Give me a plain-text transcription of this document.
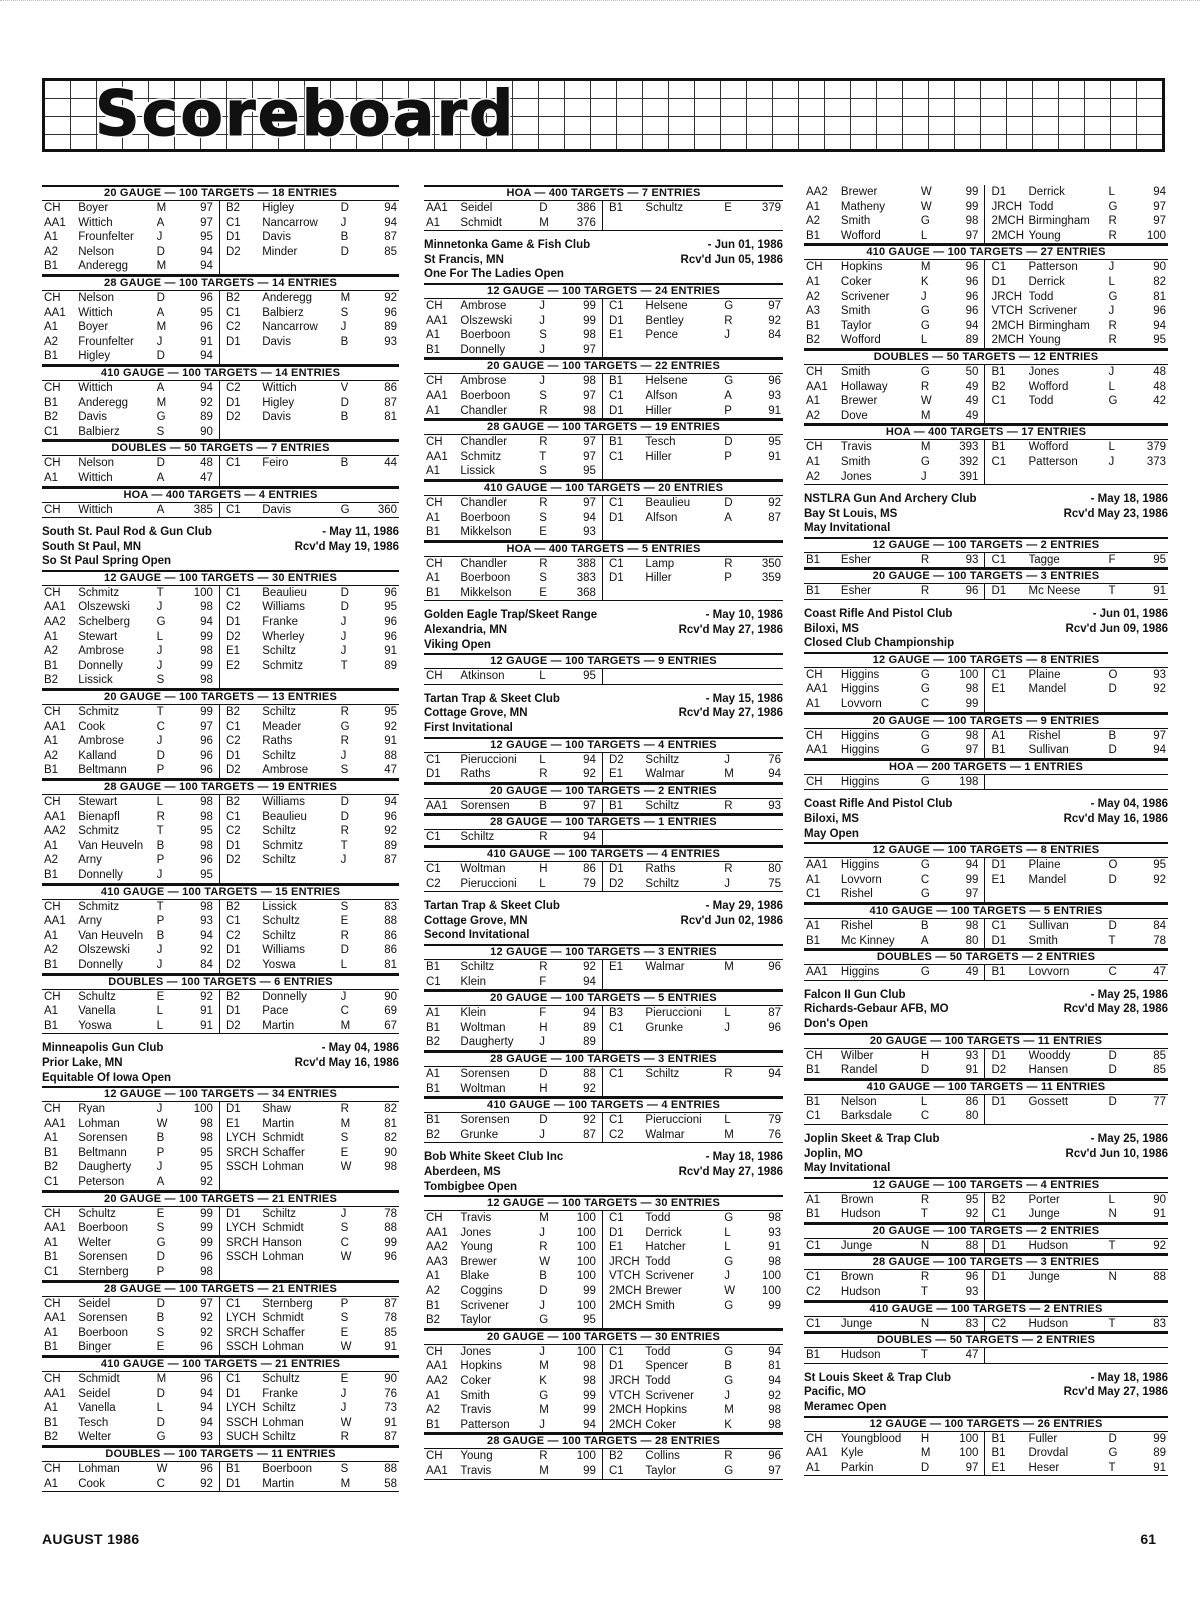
Scoreboard
20 GAUGE — 100 TARGETS — 18 ENTRIES
CH	Boyer	M	97	B2	Higley	D	94
AA1	Wittich	A	97	C1	Nancarrow	J	94
A1	Frounfelter	J	95	D1	Davis	B	87
A2	Nelson	D	94	D2	Minder	D	85
B1	Anderegg	M	94				
28 GAUGE — 100 TARGETS — 14 ENTRIES
CH	Nelson	D	96	B2	Anderegg	M	92
AA1	Wittich	A	95	C1	Balbierz	S	96
A1	Boyer	M	96	C2	Nancarrow	J	89
A2	Frounfelter	J	91	D1	Davis	B	93
B1	Higley	D	94				
410 GAUGE — 100 TARGETS — 14 ENTRIES
CH	Wittich	A	94	C2	Wittich	V	86
B1	Anderegg	M	92	D1	Higley	D	87
B2	Davis	G	89	D2	Davis	B	81
C1	Balbierz	S	90				
DOUBLES — 50 TARGETS — 7 ENTRIES
CH	Nelson	D	48	C1	Feiro	B	44
A1	Wittich	A	47				
HOA — 400 TARGETS — 4 ENTRIES
CH	Wittich	A	385	C1	Davis	G	360
South St. Paul Rod & Gun Club	- May 11, 1986
South St Paul, MN	Rcv'd May 19, 1986
So St Paul Spring Open
12 GAUGE — 100 TARGETS — 30 ENTRIES
CH	Schmitz	T	100	C1	Beaulieu	D	96
AA1	Olszewski	J	98	C2	Williams	D	95
AA2	Schelberg	G	94	D1	Franke	J	96
A1	Stewart	L	99	D2	Wherley	J	96
A2	Ambrose	J	98	E1	Schiltz	J	91
B1	Donnelly	J	99	E2	Schmitz	T	89
B2	Lissick	S	98				
20 GAUGE — 100 TARGETS — 13 ENTRIES
CH	Schmitz	T	99	B2	Schiltz	R	95
AA1	Cook	C	97	C1	Meader	G	92
A1	Ambrose	J	96	C2	Raths	R	91
A2	Kalland	D	96	D1	Schiltz	J	88
B1	Beltmann	P	96	D2	Ambrose	S	47
28 GAUGE — 100 TARGETS — 19 ENTRIES
CH	Stewart	L	98	B2	Williams	D	94
AA1	Bienapfl	R	98	C1	Beaulieu	D	96
AA2	Schmitz	T	95	C2	Schiltz	R	92
A1	Van Heuveln	B	98	D1	Schmitz	T	89
A2	Arny	P	96	D2	Schiltz	J	87
B1	Donnelly	J	95				
410 GAUGE — 100 TARGETS — 15 ENTRIES
CH	Schmitz	T	98	B2	Lissick	S	83
AA1	Arny	P	93	C1	Schultz	E	88
A1	Van Heuveln	B	94	C2	Schiltz	R	86
A2	Olszewski	J	92	D1	Williams	D	86
B1	Donnelly	J	84	D2	Yoswa	L	81
DOUBLES — 100 TARGETS — 6 ENTRIES
CH	Schultz	E	92	B2	Donnelly	J	90
A1	Vanella	L	91	D1	Pace	C	69
B1	Yoswa	L	91	D2	Martin	M	67
Minneapolis Gun Club	- May 04, 1986
Prior Lake, MN	Rcv'd May 16, 1986
Equitable Of Iowa Open
12 GAUGE — 100 TARGETS — 34 ENTRIES
CH	Ryan	J	100	D1	Shaw	R	82
AA1	Lohman	W	98	E1	Martin	M	81
A1	Sorensen	B	98	LYCH	Schmidt	S	82
B1	Beltmann	P	95	SRCH	Schaffer	E	90
B2	Daugherty	J	95	SSCH	Lohman	W	98
C1	Peterson	A	92				
20 GAUGE — 100 TARGETS — 21 ENTRIES
CH	Schultz	E	99	D1	Schiltz	J	78
AA1	Boerboon	S	99	LYCH	Schmidt	S	88
A1	Welter	G	99	SRCH	Hanson	C	99
B1	Sorensen	D	96	SSCH	Lohman	W	96
C1	Sternberg	P	98				
28 GAUGE — 100 TARGETS — 21 ENTRIES
CH	Seidel	D	97	C1	Sternberg	P	87
AA1	Sorensen	B	92	LYCH	Schmidt	S	78
A1	Boerboon	S	92	SRCH	Schaffer	E	85
B1	Binger	E	96	SSCH	Lohman	W	91
410 GAUGE — 100 TARGETS — 21 ENTRIES
CH	Schmidt	M	96	C1	Schultz	E	90
AA1	Seidel	D	94	D1	Franke	J	76
A1	Vanella	L	94	LYCH	Schiltz	J	73
B1	Tesch	D	94	SSCH	Lohman	W	91
B2	Welter	G	93	SUCH	Schiltz	R	87
DOUBLES — 100 TARGETS — 11 ENTRIES
CH	Lohman	W	96	B1	Boerboon	S	88
A1	Cook	C	92	D1	Martin	M	58
HOA — 400 TARGETS — 7 ENTRIES
AA1	Seidel	D	386	B1	Schultz	E	379
A1	Schmidt	M	376				
Minnetonka Game & Fish Club	- Jun 01, 1986
St Francis, MN	Rcv'd Jun 05, 1986
One For The Ladies Open
12 GAUGE — 100 TARGETS — 24 ENTRIES
CH	Ambrose	J	99	C1	Helsene	G	97
AA1	Olszewski	J	99	D1	Bentley	R	92
A1	Boerboon	S	98	E1	Pence	J	84
B1	Donnelly	J	97				
20 GAUGE — 100 TARGETS — 22 ENTRIES
CH	Ambrose	J	98	B1	Helsene	G	96
AA1	Boerboon	S	97	C1	Alfson	A	93
A1	Chandler	R	98	D1	Hiller	P	91
28 GAUGE — 100 TARGETS — 19 ENTRIES
CH	Chandler	R	97	B1	Tesch	D	95
AA1	Schmitz	T	97	C1	Hiller	P	91
A1	Lissick	S	95				
410 GAUGE — 100 TARGETS — 20 ENTRIES
CH	Chandler	R	97	C1	Beaulieu	D	92
A1	Boerboon	S	94	D1	Alfson	A	87
B1	Mikkelson	E	93				
HOA — 400 TARGETS — 5 ENTRIES
CH	Chandler	R	388	C1	Lamp	R	350
A1	Boerboon	S	383	D1	Hiller	P	359
B1	Mikkelson	E	368				
Golden Eagle Trap/Skeet Range	- May 10, 1986
Alexandria, MN	Rcv'd May 27, 1986
Viking Open
12 GAUGE — 100 TARGETS — 9 ENTRIES
CH	Atkinson	L	95				
Tartan Trap & Skeet Club	- May 15, 1986
Cottage Grove, MN	Rcv'd May 27, 1986
First Invitational
12 GAUGE — 100 TARGETS — 4 ENTRIES
C1	Pieruccioni	L	94	D2	Schiltz	J	76
D1	Raths	R	92	E1	Walmar	M	94
20 GAUGE — 100 TARGETS — 2 ENTRIES
AA1	Sorensen	B	97	B1	Schiltz	R	93
28 GAUGE — 100 TARGETS — 1 ENTRIES
C1	Schiltz	R	94				
410 GAUGE — 100 TARGETS — 4 ENTRIES
C1	Woltman	H	86	D1	Raths	R	80
C2	Pieruccioni	L	79	D2	Schiltz	J	75
Tartan Trap & Skeet Club	- May 29, 1986
Cottage Grove, MN	Rcv'd Jun 02, 1986
Second Invitational
12 GAUGE — 100 TARGETS — 3 ENTRIES
B1	Schiltz	R	92	E1	Walmar	M	96
C1	Klein	F	94				
20 GAUGE — 100 TARGETS — 5 ENTRIES
A1	Klein	F	94	B3	Pieruccioni	L	87
B1	Woltman	H	89	C1	Grunke	J	96
B2	Daugherty	J	89				
28 GAUGE — 100 TARGETS — 3 ENTRIES
A1	Sorensen	D	88	C1	Schiltz	R	94
B1	Woltman	H	92				
410 GAUGE — 100 TARGETS — 4 ENTRIES
B1	Sorensen	D	92	C1	Pieruccioni	L	79
B2	Grunke	J	87	C2	Walmar	M	76
Bob White Skeet Club Inc	- May 18, 1986
Aberdeen, MS	Rcv'd May 27, 1986
Tombigbee Open
12 GAUGE — 100 TARGETS — 30 ENTRIES
CH	Travis	M	100	C1	Todd	G	98
AA1	Jones	J	100	D1	Derrick	L	93
AA2	Young	R	100	E1	Hatcher	L	91
AA3	Brewer	W	100	JRCH	Todd	G	98
A1	Blake	B	100	VTCH	Scrivener	J	100
A2	Coggins	D	99	2MCH	Brewer	W	100
B1	Scrivener	J	100	2MCH	Smith	G	99
B2	Taylor	G	95				
20 GAUGE — 100 TARGETS — 30 ENTRIES
CH	Jones	J	100	C1	Todd	G	94
AA1	Hopkins	M	98	D1	Spencer	B	81
AA2	Coker	K	98	JRCH	Todd	G	94
A1	Smith	G	99	VTCH	Scrivener	J	92
A2	Travis	M	99	2MCH	Hopkins	M	98
B1	Patterson	J	94	2MCH	Coker	K	98
28 GAUGE — 100 TARGETS — 28 ENTRIES
CH	Young	R	100	B2	Collins	R	96
AA1	Travis	M	99	C1	Taylor	G	97
AA2	Brewer	W	99	D1	Derrick	L	94
A1	Matheny	W	99	JRCH	Todd	G	97
A2	Smith	G	98	2MCH	Birmingham	R	97
B1	Wofford	L	97	2MCH	Young	R	100
410 GAUGE — 100 TARGETS — 27 ENTRIES
CH	Hopkins	M	96	C1	Patterson	J	90
A1	Coker	K	96	D1	Derrick	L	82
A2	Scrivener	J	96	JRCH	Todd	G	81
A3	Smith	G	96	VTCH	Scrivener	J	96
B1	Taylor	G	94	2MCH	Birmingham	R	94
B2	Wofford	L	89	2MCH	Young	R	95
DOUBLES — 50 TARGETS — 12 ENTRIES
CH	Smith	G	50	B1	Jones	J	48
AA1	Hollaway	R	49	B2	Wofford	L	48
A1	Brewer	W	49	C1	Todd	G	42
A2	Dove	M	49				
HOA — 400 TARGETS — 17 ENTRIES
CH	Travis	M	393	B1	Wofford	L	379
A1	Smith	G	392	C1	Patterson	J	373
A2	Jones	J	391				
NSTLRA Gun And Archery Club	- May 18, 1986
Bay St Louis, MS	Rcv'd May 23, 1986
May Invitational
12 GAUGE — 100 TARGETS — 2 ENTRIES
B1	Esher	R	93	C1	Tagge	F	95
20 GAUGE — 100 TARGETS — 3 ENTRIES
B1	Esher	R	96	D1	Mc Neese	T	91
Coast Rifle And Pistol Club	- Jun 01, 1986
Biloxi, MS	Rcv'd Jun 09, 1986
Closed Club Championship
12 GAUGE — 100 TARGETS — 8 ENTRIES
CH	Higgins	G	100	C1	Plaine	O	93
AA1	Higgins	G	98	E1	Mandel	D	92
A1	Lovvorn	C	99				
20 GAUGE — 100 TARGETS — 9 ENTRIES
CH	Higgins	G	98	A1	Rishel	B	97
AA1	Higgins	G	97	B1	Sullivan	D	94
HOA — 200 TARGETS — 1 ENTRIES
CH	Higgins	G	198				
Coast Rifle And Pistol Club	- May 04, 1986
Biloxi, MS	Rcv'd May 16, 1986
May Open
12 GAUGE — 100 TARGETS — 8 ENTRIES
AA1	Higgins	G	94	D1	Plaine	O	95
A1	Lovvorn	C	99	E1	Mandel	D	92
C1	Rishel	G	97				
410 GAUGE — 100 TARGETS — 5 ENTRIES
A1	Rishel	B	98	C1	Sullivan	D	84
B1	Mc Kinney	A	80	D1	Smith	T	78
DOUBLES — 50 TARGETS — 2 ENTRIES
AA1	Higgins	G	49	B1	Lovvorn	C	47
Falcon II Gun Club	- May 25, 1986
Richards-Gebaur AFB, MO	Rcv'd May 28, 1986
Don's Open
20 GAUGE — 100 TARGETS — 11 ENTRIES
CH	Wilber	H	93	D1	Wooddy	D	85
B1	Randel	D	91	D2	Hansen	D	85
410 GAUGE — 100 TARGETS — 11 ENTRIES
B1	Nelson	L	86	D1	Gossett	D	77
C1	Barksdale	C	80				
Joplin Skeet & Trap Club	- May 25, 1986
Joplin, MO	Rcv'd Jun 10, 1986
May Invitational
12 GAUGE — 100 TARGETS — 4 ENTRIES
A1	Brown	R	95	B2	Porter	L	90
B1	Hudson	T	92	C1	Junge	N	91
20 GAUGE — 100 TARGETS — 2 ENTRIES
C1	Junge	N	88	D1	Hudson	T	92
28 GAUGE — 100 TARGETS — 3 ENTRIES
C1	Brown	R	96	D1	Junge	N	88
C2	Hudson	T	93				
410 GAUGE — 100 TARGETS — 2 ENTRIES
C1	Junge	N	83	C2	Hudson	T	83
DOUBLES — 50 TARGETS — 2 ENTRIES
B1	Hudson	T	47				
St Louis Skeet & Trap Club	- May 18, 1986
Pacific, MO	Rcv'd May 27, 1986
Meramec Open
12 GAUGE — 100 TARGETS — 26 ENTRIES
CH	Youngblood	H	100	B1	Fuller	D	99
AA1	Kyle	M	100	B1	Drovdal	G	89
A1	Parkin	D	97	E1	Heser	T	91
AUGUST 1986	61
